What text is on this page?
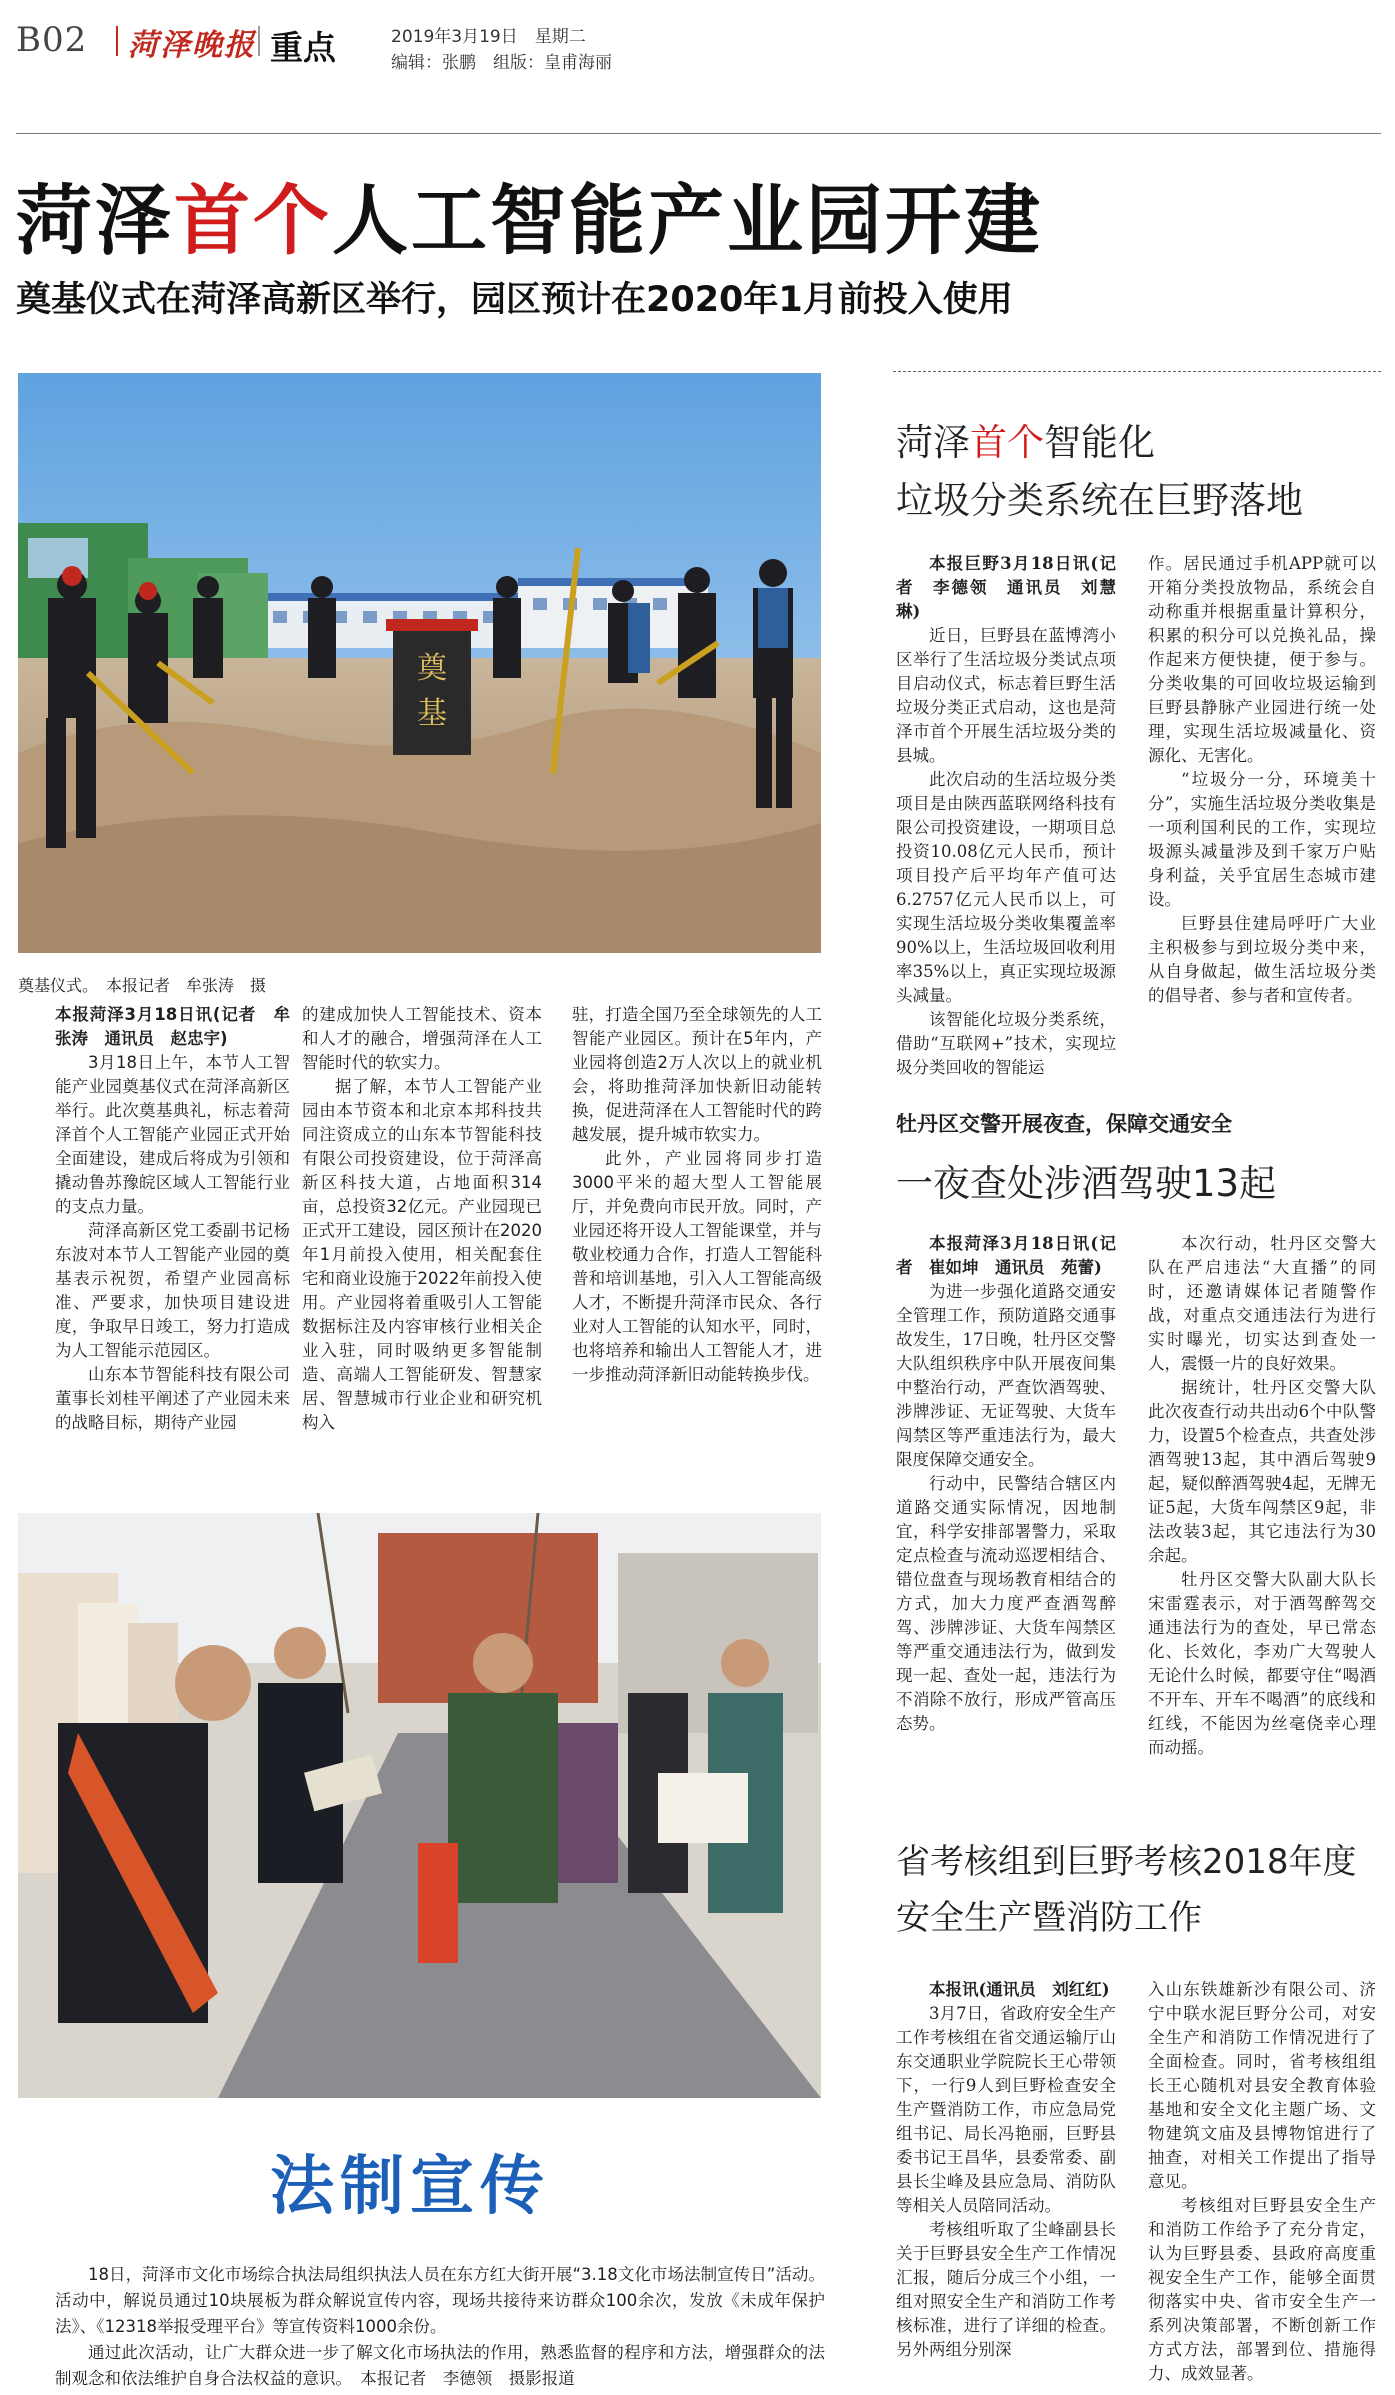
B02 菏泽晚报 重点	2019年3月19日　星期二
编辑：张鹏　组版：皇甫海丽
菏泽首个人工智能产业园开建
奠基仪式在菏泽高新区举行，园区预计在2020年1月前投入使用
奠
基
奠基仪式。　本报记者　牟张涛　摄

本报菏泽3月18日讯(记者　牟张涛　通讯员　赵忠宇)

3月18日上午，本节人工智能产业园奠基仪式在菏泽高新区举行。此次奠基典礼，标志着菏泽首个人工智能产业园正式开始全面建设，建成后将成为引领和撬动鲁苏豫皖区域人工智能行业的支点力量。

菏泽高新区党工委副书记杨东波对本节人工智能产业园的奠基表示祝贺，希望产业园高标准、严要求，加快项目建设进度，争取早日竣工，努力打造成为人工智能示范园区。

山东本节智能科技有限公司董事长刘桂平阐述了产业园未来的战略目标，期待产业园

的建成加快人工智能技术、资本和人才的融合，增强菏泽在人工智能时代的软实力。

据了解，本节人工智能产业园由本节资本和北京本邦科技共同注资成立的山东本节智能科技有限公司投资建设，位于菏泽高新区科技大道，占地面积314亩，总投资32亿元。产业园现已正式开工建设，园区预计在2020年1月前投入使用，相关配套住宅和商业设施于2022年前投入使用。产业园将着重吸引人工智能数据标注及内容审核行业相关企业入驻，同时吸纳更多智能制造、高端人工智能研发、智慧家居、智慧城市行业企业和研究机构入

驻，打造全国乃至全球领先的人工智能产业园区。预计在5年内，产业园将创造2万人次以上的就业机会，将助推菏泽加快新旧动能转换，促进菏泽在人工智能时代的跨越发展，提升城市软实力。

此外，产业园将同步打造3000平米的超大型人工智能展厅，并免费向市民开放。同时，产业园还将开设人工智能课堂，并与敬业校通力合作，打造人工智能科普和培训基地，引入人工智能高级人才，不断提升菏泽市民众、各行业对人工智能的认知水平，同时，也将培养和输出人工智能人才，进一步推动菏泽新旧动能转换步伐。

菏泽首个智能化
垃圾分类系统在巨野落地

本报巨野3月18日讯(记者　李德领　通讯员　刘慧琳)

近日，巨野县在蓝博湾小区举行了生活垃圾分类试点项目启动仪式，标志着巨野生活垃圾分类正式启动，这也是菏泽市首个开展生活垃圾分类的县城。

此次启动的生活垃圾分类项目是由陕西蓝联网络科技有限公司投资建设，一期项目总投资10.08亿元人民币，预计项目投产后平均年产值可达6.2757亿元人民币以上，可实现生活垃圾分类收集覆盖率90%以上，生活垃圾回收利用率35%以上，真正实现垃圾源头减量。

该智能化垃圾分类系统，借助“互联网+”技术，实现垃圾分类回收的智能运

作。居民通过手机APP就可以开箱分类投放物品，系统会自动称重并根据重量计算积分，积累的积分可以兑换礼品，操作起来方便快捷，便于参与。分类收集的可回收垃圾运输到巨野县静脉产业园进行统一处理，实现生活垃圾减量化、资源化、无害化。

“垃圾分一分，环境美十分”，实施生活垃圾分类收集是一项利国利民的工作，实现垃圾源头减量涉及到千家万户贴身利益，关乎宜居生态城市建设。

巨野县住建局呼吁广大业主积极参与到垃圾分类中来，从自身做起，做生活垃圾分类的倡导者、参与者和宣传者。

牡丹区交警开展夜查，保障交通安全
一夜查处涉酒驾驶13起

本报菏泽3月18日讯(记者　崔如坤　通讯员　苑蕾)

为进一步强化道路交通安全管理工作，预防道路交通事故发生，17日晚，牡丹区交警大队组织秩序中队开展夜间集中整治行动，严查饮酒驾驶、涉牌涉证、无证驾驶、大货车闯禁区等严重违法行为，最大限度保障交通安全。

行动中，民警结合辖区内道路交通实际情况，因地制宜，科学安排部署警力，采取定点检查与流动巡逻相结合、错位盘查与现场教育相结合的方式，加大力度严查酒驾醉驾、涉牌涉证、大货车闯禁区等严重交通违法行为，做到发现一起、查处一起，违法行为不消除不放行，形成严管高压态势。

本次行动，牡丹区交警大队在严启违法“大直播”的同时，还邀请媒体记者随警作战，对重点交通违法行为进行实时曝光，切实达到查处一人，震慑一片的良好效果。

据统计，牡丹区交警大队此次夜查行动共出动6个中队警力，设置5个检查点，共查处涉酒驾驶13起，其中酒后驾驶9起，疑似醉酒驾驶4起，无牌无证5起，大货车闯禁区9起，非法改装3起，其它违法行为30余起。

牡丹区交警大队副大队长宋雷霆表示，对于酒驾醉驾交通违法行为的查处，早已常态化、长效化，李劝广大驾驶人无论什么时候，都要守住“喝酒不开车、开车不喝酒”的底线和红线，不能因为丝毫侥幸心理而动摇。

省考核组到巨野考核2018年度
安全生产暨消防工作

本报讯(通讯员　刘红红)

3月7日，省政府安全生产工作考核组在省交通运输厅山东交通职业学院院长王心带领下，一行9人到巨野检查安全生产暨消防工作，市应急局党组书记、局长冯艳丽，巨野县委书记王昌华，县委常委、副县长尘峰及县应急局、消防队等相关人员陪同活动。

考核组听取了尘峰副县长关于巨野县安全生产工作情况汇报，随后分成三个小组，一组对照安全生产和消防工作考核标准，进行了详细的检查。另外两组分别深

入山东铁雄新沙有限公司、济宁中联水泥巨野分公司，对安全生产和消防工作情况进行了全面检查。同时，省考核组组长王心随机对县安全教育体验基地和安全文化主题广场、文物建筑文庙及县博物馆进行了抽查，对相关工作提出了指导意见。

考核组对巨野县安全生产和消防工作给予了充分肯定，认为巨野县委、县政府高度重视安全生产工作，能够全面贯彻落实中央、省市安全生产一系列决策部署，不断创新工作方式方法，部署到位、措施得力、成效显著。

法制宣传

18日，菏泽市文化市场综合执法局组织执法人员在东方红大街开展“3.18文化市场法制宣传日”活动。活动中，解说员通过10块展板为群众解说宣传内容，现场共接待来访群众100余次，发放《未成年保护法》、《12318举报受理平台》等宣传资料1000余份。

通过此次活动，让广大群众进一步了解文化市场执法的作用，熟悉监督的程序和方法，增强群众的法制观念和依法维护自身合法权益的意识。　本报记者　李德领　摄影报道
